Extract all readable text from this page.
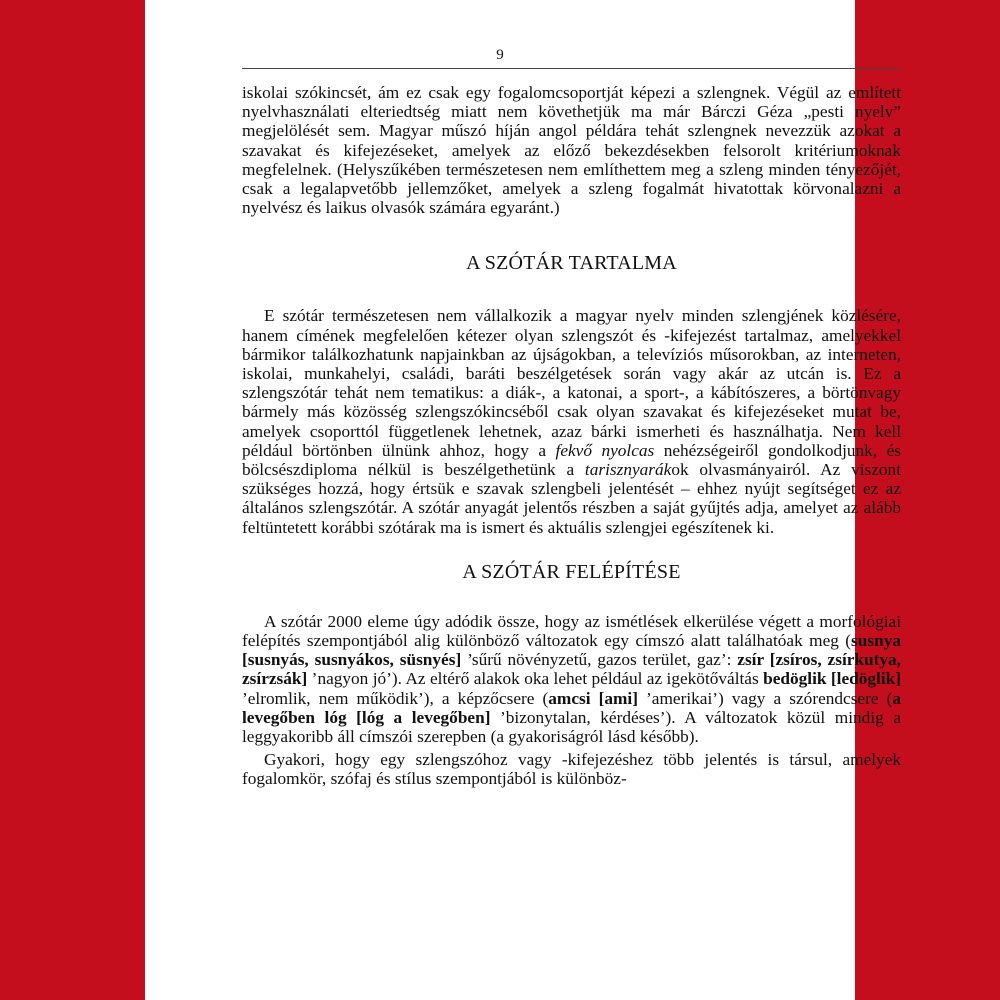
9

iskolai szókincsét, ám ez csak egy fogalomcsoportját képezi a szlengnek. Végül az említett nyelvhasználati elteriedtség miatt nem követhetjük ma már Bárczi Géza „pesti nyelv” megjelölését sem. Magyar műszó híján angol példára tehát szlengnek nevezzük azokat a szavakat és kifejezéseket, amelyek az előző bekezdésekben felsorolt kritériumoknak megfelelnek. (Helyszűkében természetesen nem említhettem meg a szleng minden tényezőjét, csak a legalapvetőbb jellemzőket, amelyek a szleng fogalmát hivatottak körvonalazni a nyelvész és laikus olvasók számára egyaránt.)

A SZÓTÁR TARTALMA

E szótár természetesen nem vállalkozik a magyar nyelv minden szlengjének közlésére, hanem címének megfelelően kétezer olyan szlengszót és -kifejezést tartalmaz, amelyekkel bármikor találkozhatunk napjainkban az újságokban, a televíziós műsorokban, az interneten, iskolai, munkahelyi, családi, baráti beszélgetések során vagy akár az utcán is. Ez a szlengszótár tehát nem tematikus: a diák-, a katonai, a sport-, a kábítószeres, a börtönvagy bármely más közösség szlengszókincséből csak olyan szavakat és kifejezéseket mutat be, amelyek csoporttól függetlenek lehetnek, azaz bárki ismerheti és használhatja. Nem kell például börtönben ülnünk ahhoz, hogy a fekvő nyolcas nehézségeiről gondolkodjunk, és bölcsészdiploma nélkül is beszélgethetünk a tarisznyarákok olvasmányairól. Az viszont szükséges hozzá, hogy értsük e szavak szlengbeli jelentését – ehhez nyújt segítséget ez az általános szlengszótár. A szótár anyagát jelentős részben a saját gyűjtés adja, amelyet az alább feltüntetett korábbi szótárak ma is ismert és aktuális szlengjei egészítenek ki.

A SZÓTÁR FELÉPÍTÉSE

A szótár 2000 eleme úgy adódik össze, hogy az ismétlések elkerülése végett a morfológiai felépítés szempontjából alig különböző változatok egy címszó alatt találhatóak meg (susnya [susnyás, susnyákos, süsnyés] ’sűrű növényzetű, gazos terület, gaz’: zsír [zsíros, zsírkutya, zsírzsák] ’nagyon jó’). Az eltérő alakok oka lehet például az igekötőváltás bedöglik [ledöglik] ’elromlik, nem működik’), a képzőcsere (amcsi [ami] ’amerikai’) vagy a szórendcsere (a levegőben lóg [lóg a levegőben] ’bizonytalan, kérdéses’). A változatok közül mindig a leggyakoribb áll címszói szerepben (a gyakoriságról lásd később).

Gyakori, hogy egy szlengszóhoz vagy -kifejezéshez több jelentés is társul, amelyek fogalomkör, szófaj és stílus szempontjából is különböz-
